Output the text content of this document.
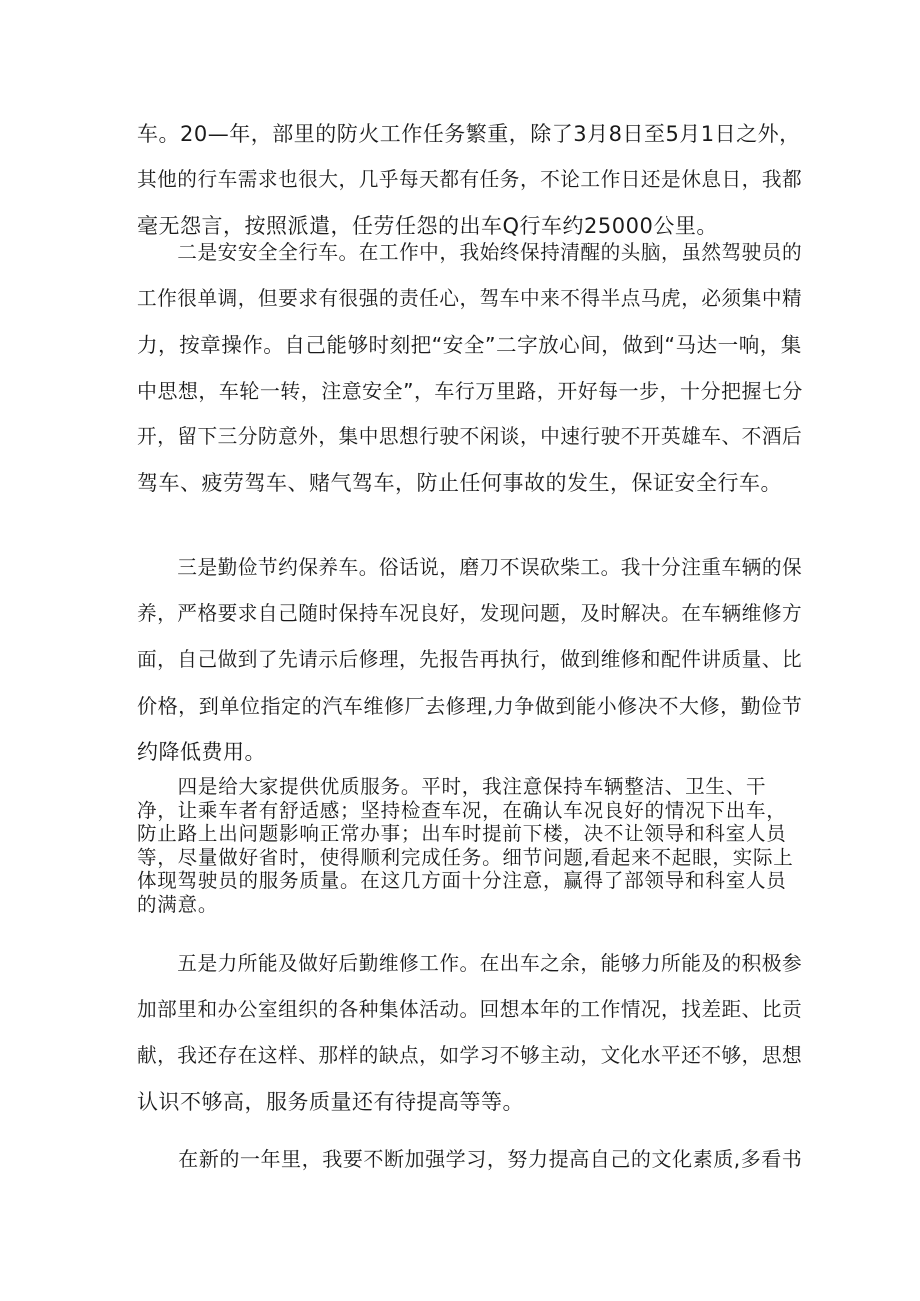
车。20—年，部里的防火工作任务繁重，除了3月8日至5月1日之外，
其他的行车需求也很大，几乎每天都有任务，不论工作日还是休息日，我都
毫无怨言，按照派遣，任劳任怨的出车Q行车约25000公里。
　　二是安安全全行车。在工作中，我始终保持清醒的头脑，虽然驾驶员的
工作很单调，但要求有很强的责任心，驾车中来不得半点马虎，必须集中精
力，按章操作。自己能够时刻把“安全”二字放心间，做到“马达一响，集
中思想，车轮一转，注意安全”，车行万里路，开好每一步，十分把握七分
开，留下三分防意外，集中思想行驶不闲谈，中速行驶不开英雄车、不酒后
驾车、疲劳驾车、赌气驾车，防止任何事故的发生，保证安全行车。
　　三是勤俭节约保养车。俗话说，磨刀不误砍柴工。我十分注重车辆的保
养，严格要求自己随时保持车况良好，发现问题，及时解决。在车辆维修方
面，自己做到了先请示后修理，先报告再执行，做到维修和配件讲质量、比
价格，到单位指定的汽车维修厂去修理,力争做到能小修决不大修，勤俭节
约降低费用。
　　四是给大家提供优质服务。平时，我注意保持车辆整洁、卫生、干
净，让乘车者有舒适感；坚持检查车况，在确认车况良好的情况下出车，
防止路上出问题影响正常办事；出车时提前下楼，决不让领导和科室人员
等，尽量做好省时，使得顺利完成任务。细节问题,看起来不起眼，实际上
体现驾驶员的服务质量。在这几方面十分注意，赢得了部领导和科室人员
的满意。
　　五是力所能及做好后勤维修工作。在出车之余，能够力所能及的积极参
加部里和办公室组织的各种集体活动。回想本年的工作情况，找差距、比贡
献，我还存在这样、那样的缺点，如学习不够主动，文化水平还不够，思想
认识不够高，服务质量还有待提高等等。
　　在新的一年里，我要不断加强学习，努力提高自己的文化素质,多看书
